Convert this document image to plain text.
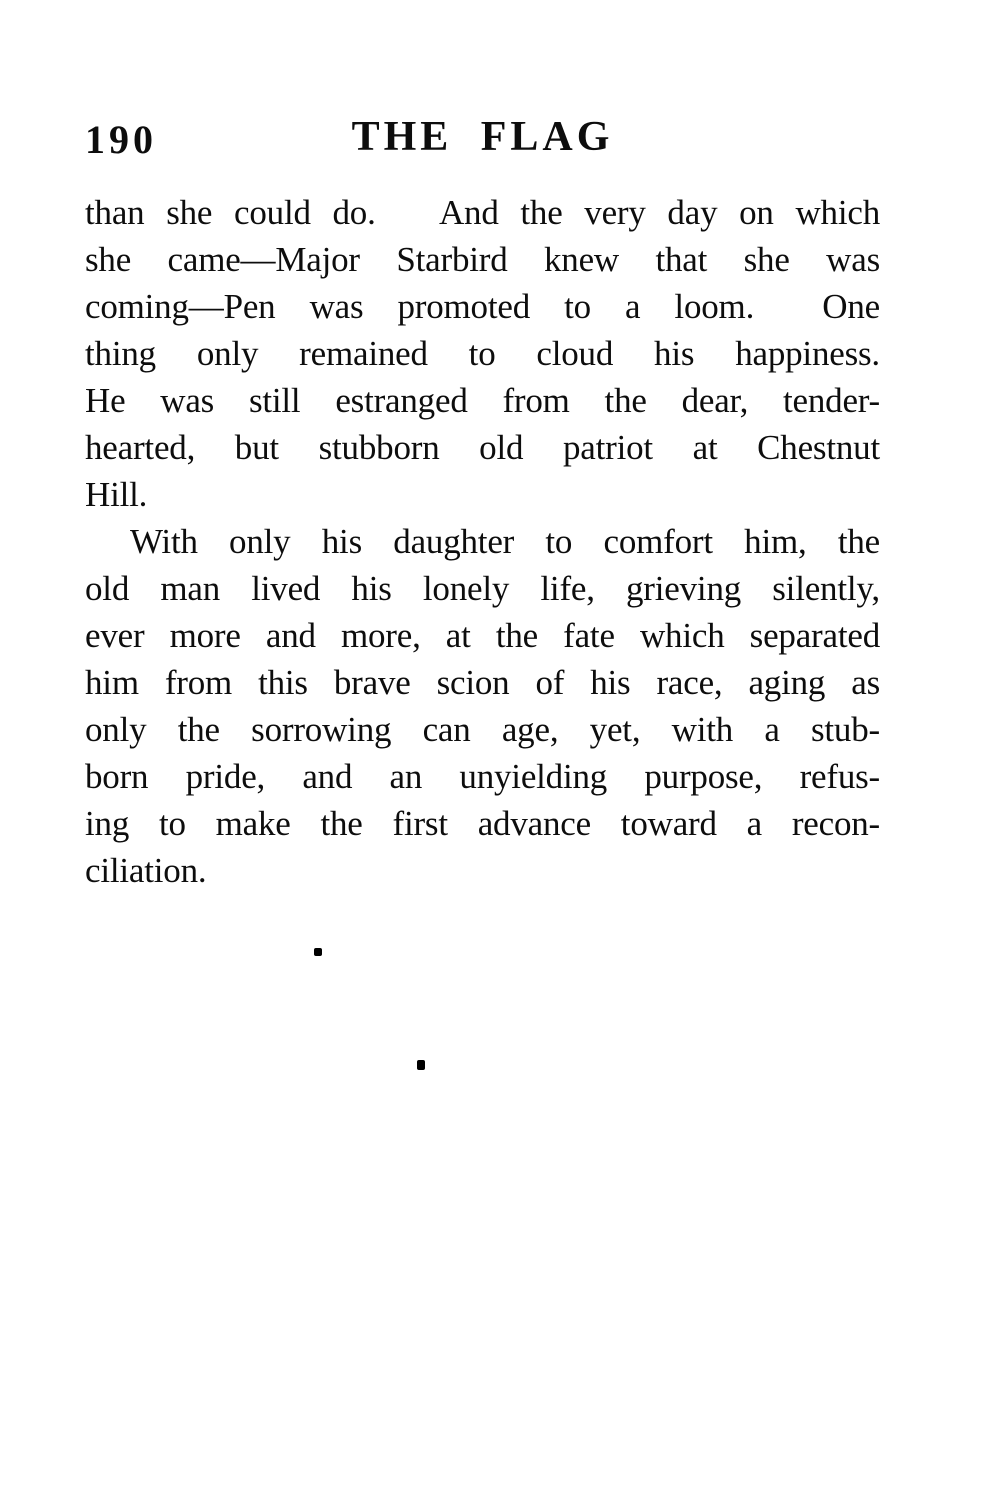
190	THE FLAG
than she could do.   And the very day on which
she came—Major Starbird knew that she was
coming—Pen was promoted to a loom.  One
thing only remained to cloud his happiness.
He was still estranged from the dear, tender-
hearted, but stubborn old patriot at Chestnut
Hill.
With only his daughter to comfort him, the
old man lived his lonely life, grieving silently,
ever more and more, at the fate which separated
him from this brave scion of his race, aging as
only the sorrowing can age, yet, with a stub-
born pride, and an unyielding purpose, refus-
ing to make the first advance toward a recon-
ciliation.
